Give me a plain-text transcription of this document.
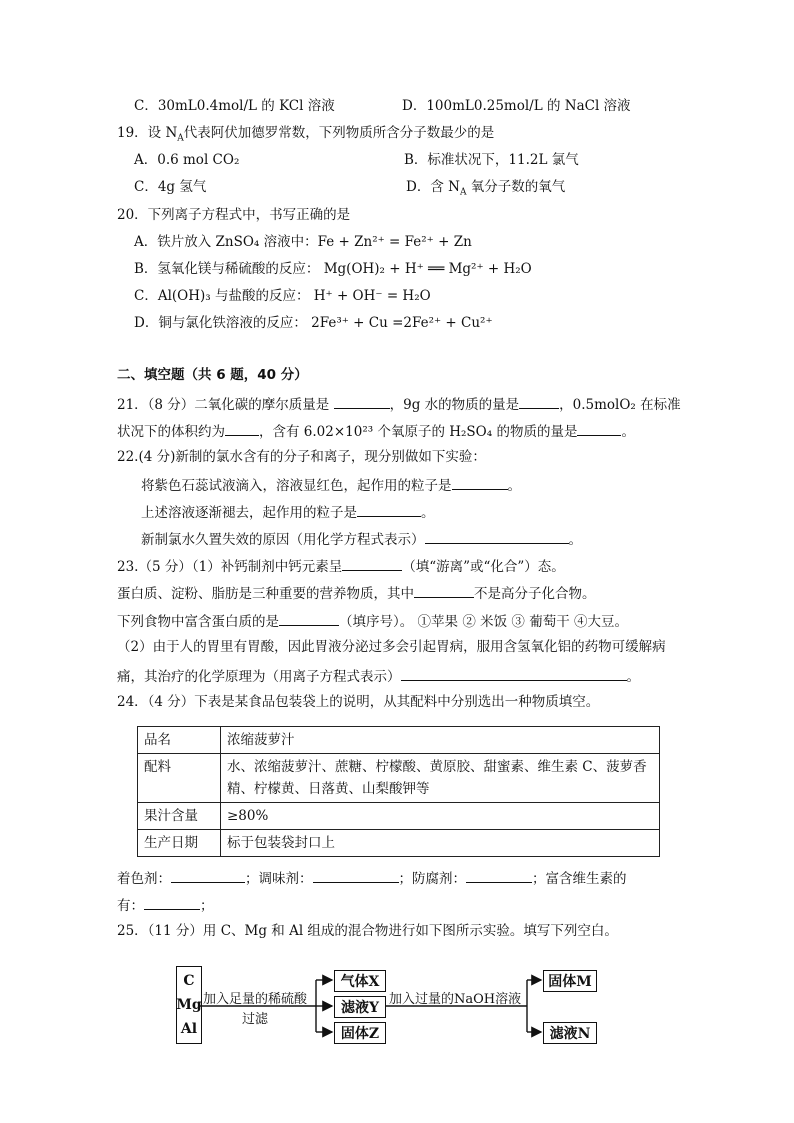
C．30mL0.4mol/L 的 KCl 溶液	D．100mL0.25mol/L 的 NaCl 溶液
19．设 $N_A$代表阿伏加德罗常数，下列物质所含分子数最少的是
A．0.6 mol CO₂	B．标准状况下，11.2L 氯气
C．4g 氢气	D．含 $N_A$ 氧分子数的氧气
20．下列离子方程式中，书写正确的是
A．铁片放入 ZnSO₄ 溶液中：Fe + Zn²⁺ = Fe²⁺ + Zn
B．氢氧化镁与稀硫酸的反应： Mg(OH)₂ + H⁺ ══ Mg²⁺ + H₂O
C．Al(OH)₃ 与盐酸的反应： H⁺ + OH⁻ = H₂O
D．铜与氯化铁溶液的反应： 2Fe³⁺ + Cu =2Fe²⁺ + Cu²⁺
二、填空题（共 6 题，40 分）
21．（8 分）二氧化碳的摩尔质量是	，9g 水的物质的量是	，0.5molO₂ 在标准
状况下的体积约为	，含有 6.02×10²³ 个氧原子的 H₂SO₄ 的物质的量是	。
22.(4 分)新制的氯水含有的分子和离子，现分别做如下实验：
将紫色石蕊试液滴入，溶液显红色，起作用的粒子是	。
上述溶液逐渐褪去，起作用的粒子是	。
新制氯水久置失效的原因（用化学方程式表示）	。
23.（5 分）（1）补钙制剂中钙元素呈	（填“游离”或“化合”）态。
蛋白质、淀粉、脂肪是三种重要的营养物质，其中	不是高分子化合物。
下列食物中富含蛋白质的是	（填序号）。 ①苹果 ② 米饭 ③ 葡萄干 ④大豆。
（2）由于人的胃里有胃酸，因此胃液分泌过多会引起胃病，服用含氢氧化铝的药物可缓解病
痛，其治疗的化学原理为（用离子方程式表示）	。
24．（4 分）下表是某食品包装袋上的说明，从其配料中分别选出一种物质填空。
品名	浓缩菠萝汁
配料	水、浓缩菠萝汁、蔗糖、柠檬酸、黄原胶、甜蜜素、维生素 C、菠萝香精、柠檬黄、日落黄、山梨酸钾等
果汁含量	≥80%
生产日期	标于包装袋封口上
着色剂：	；调味剂：	；防腐剂：	；富含维生素的
有：	；
25．（11 分）用 C、Mg 和 Al 组成的混合物进行如下图所示实验。填写下列空白。
C
Mg
Al
加入足量的稀硫酸
过滤
气体X
滤液Y
固体Z
加入过量的NaOH溶液
固体M
滤液N
